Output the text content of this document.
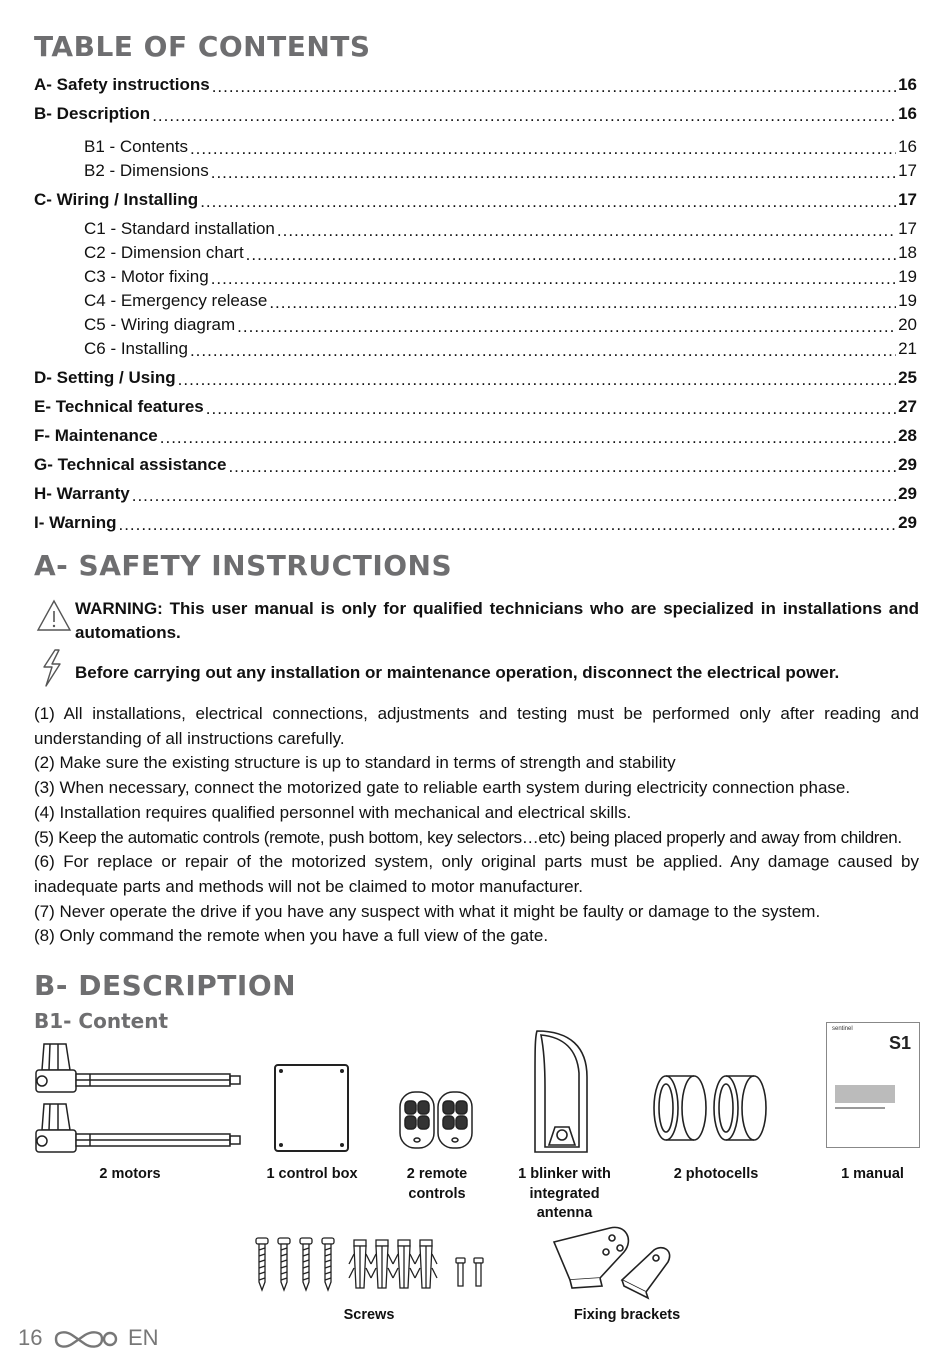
TABLE OF CONTENTS
A- Safety instructions .....	16
B- Description .....	16
B1 - Contents .....	16
B2 - Dimensions .....	17
C- Wiring / Installing .....	17
C1 - Standard installation .....	17
C2 - Dimension chart .....	18
C3 - Motor fixing .....	19
C4 - Emergency release .....	19
C5 - Wiring diagram .....	20
C6 - Installing .....	21
D- Setting / Using .....	25
E- Technical features .....	27
F- Maintenance .....	28
G- Technical assistance .....	29
H- Warranty .....	29
I- Warning .....	29
A- SAFETY INSTRUCTIONS
WARNING: This user manual is only for qualified technicians who are specialized in installations and automations.
Before carrying out any installation or maintenance operation, disconnect the electrical power.
(1) All installations, electrical connections, adjustments and testing must be performed only after reading and understanding of all instructions carefully.
(2) Make sure the existing structure is up to standard in terms of strength and stability
(3) When necessary, connect the motorized gate to reliable earth system during electricity connection phase.
(4) Installation requires qualified personnel with mechanical and electrical skills.
(5) Keep the automatic controls (remote, push bottom, key selectors…etc) being placed properly and away from children.
(6) For replace or repair of the motorized system, only original parts must be applied. Any damage caused by inadequate parts and methods will not be claimed to motor manufacturer.
(7) Never operate the drive if you have any suspect with what it might be faulty or damage to the system.
(8) Only command the remote when you have a full view of the gate.
B- DESCRIPTION
B1- Content
2 motors	1 control box	2 remote controls
1 blinker with integrated antenna
2 photocells
sentinel
S1
1 manual
Screws	Fixing brackets
16	EN
